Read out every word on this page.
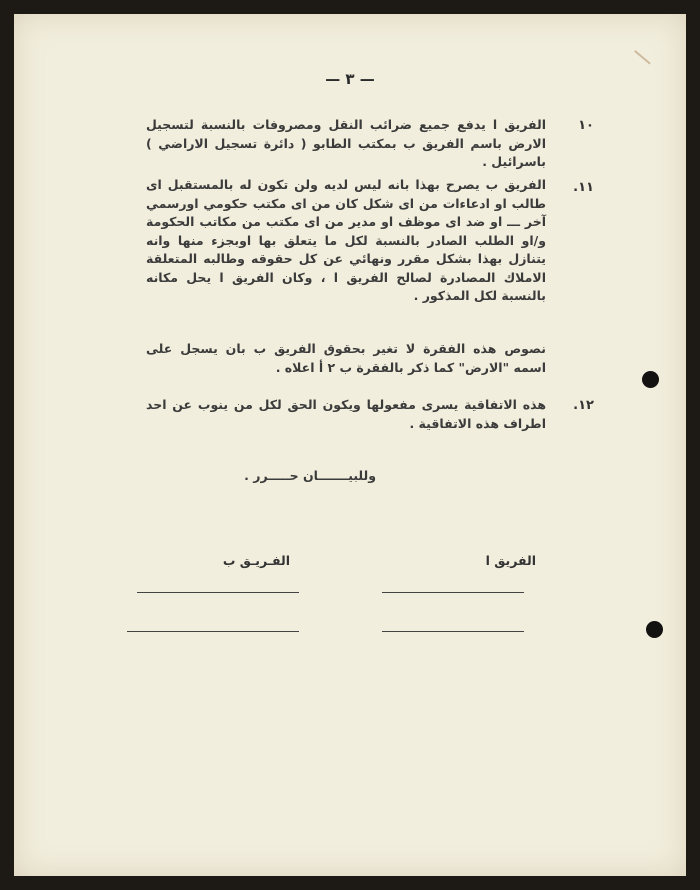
— ٣ —
١٠
الفريق ا يدفع جميع ضرائب النقل ومصروفات بالنسبة لتسجيل الارض باسم الفريق ب بمكتب الطابو ( دائرة تسجيل الاراضي ) باسرائيل .
١١.
الفريق ب يصرح بهذا بانه ليس لديه ولن تكون له بالمستقبل اى طالب او ادعاءات من اى شكل كان من اى مكتب حكومي اورسمي آخر ـــ او ضد اى موظف او مدير من اى مكتب من مكاتب الحكومة و/او الطلب الصادر بالنسبة لكل ما يتعلق بها اوبجزء منها وانه يتنازل بهذا بشكل مقرر ونهائي عن كل حقوقه وطالبه المتعلقة الاملاك المصادرة لصالح الفريق ا ، وكان الفريق ا يحل مكانه بالنسبة لكل المذكور .
نصوص هذه الفقرة لا تغير بحقوق الفريق ب بان يسجل على اسمه "الارض" كما ذكر بالفقرة ب ٢ أ اعلاه .
١٢.
هذه الاتفاقية يسرى مفعولها ويكون الحق لكل من ينوب عن احد اطراف هذه الاتفاقية .
وللبيـــــــان حـــــرر .
الفريق ا
الفـريـق ب
